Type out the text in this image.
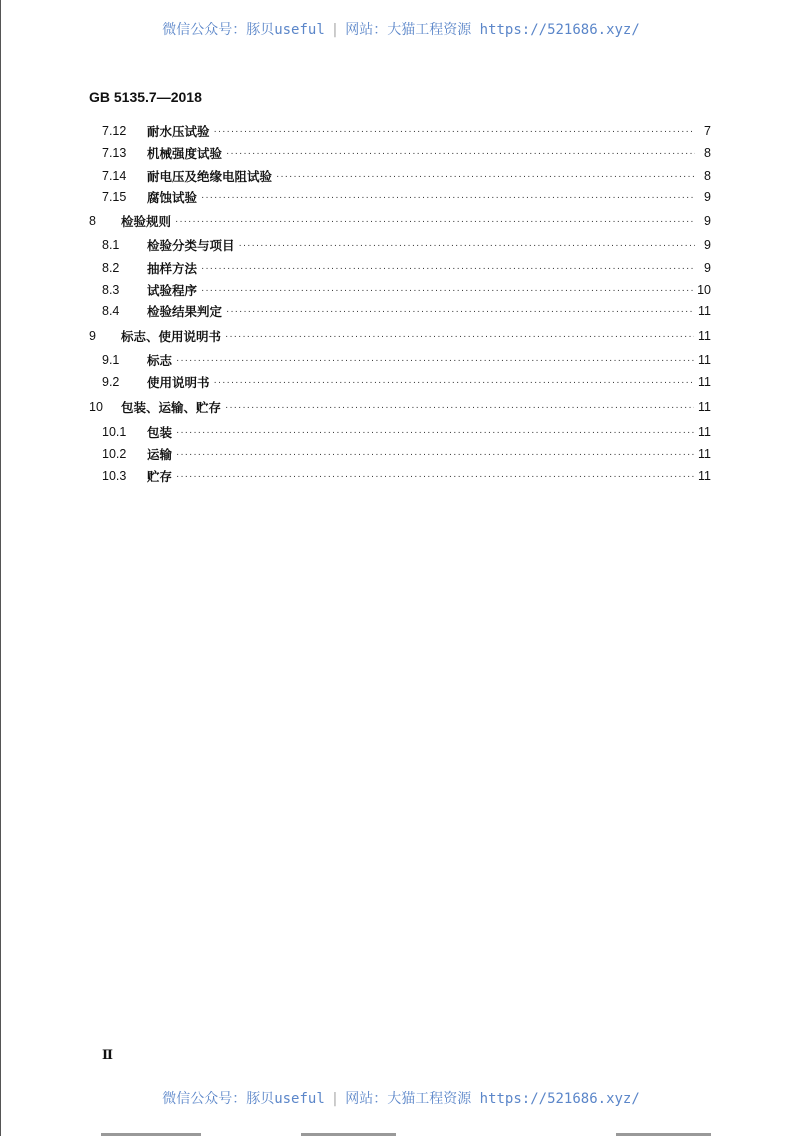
微信公众号：豚贝useful | 网站：大猫工程资源 https://521686.xyz/
GB 5135.7—2018
7.12	耐水压试验 ·····	7
7.13	机械强度试验 ·····	8
7.14	耐电压及绝缘电阻试验 ·····	8
7.15	腐蚀试验 ·····	9
8	检验规则 ·····	9
8.1	检验分类与项目 ·····	9
8.2	抽样方法 ·····	9
8.3	试验程序 ·····	10
8.4	检验结果判定 ·····	11
9	标志、使用说明书 ·····	11
9.1	标志 ·····	11
9.2	使用说明书 ·····	11
10	包装、运输、贮存 ·····	11
10.1	包装 ·····	11
10.2	运输 ·····	11
10.3	贮存 ·····	11
Ⅱ
微信公众号：豚贝useful | 网站：大猫工程资源 https://521686.xyz/
